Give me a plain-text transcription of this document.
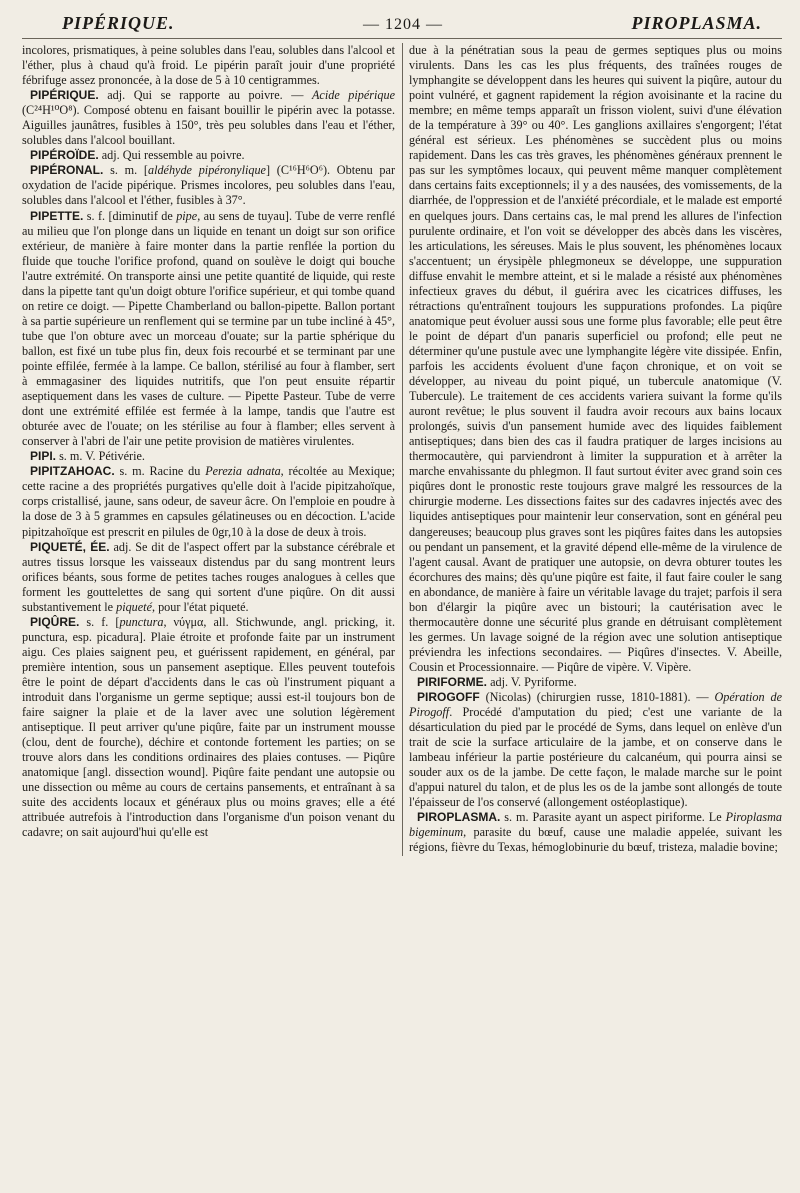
PIPÉRIQUE.	— 1204 —	PIROPLASMA.

incolores, prismatiques, à peine solubles dans l'eau, solubles dans l'alcool et l'éther, plus à chaud qu'à froid. Le pipérin paraît jouir d'une propriété fébrifuge assez prononcée, à la dose de 5 à 10 centigrammes.

PIPÉRIQUE. adj. Qui se rapporte au poivre. — Acide pipérique (C²⁴H¹⁰O⁸). Composé obtenu en faisant bouillir le pipérin avec la potasse. Aiguilles jaunâtres, fusibles à 150°, très peu solubles dans l'eau et l'éther, solubles dans l'alcool bouillant.

PIPÉROÏDE. adj. Qui ressemble au poivre.

PIPÉRONAL. s. m. [aldéhyde pipéronylique] (C¹⁶H⁶O⁶). Obtenu par oxydation de l'acide pipérique. Prismes incolores, peu solubles dans l'eau, solubles dans l'alcool et l'éther, fusibles à 37°.

PIPETTE. s. f. [diminutif de pipe, au sens de tuyau]. Tube de verre renflé au milieu que l'on plonge dans un liquide en tenant un doigt sur son orifice extérieur, de manière à faire monter dans la partie renflée la portion du fluide que touche l'orifice profond, quand on soulève le doigt qui bouche l'autre extrémité. On transporte ainsi une petite quantité de liquide, qui reste dans la pipette tant qu'un doigt obture l'orifice supérieur, et qui tombe quand on retire ce doigt. — Pipette Chamberland ou ballon-pipette. Ballon portant à sa partie supérieure un renflement qui se termine par un tube incliné à 45°, tube que l'on obture avec un morceau d'ouate; sur la partie sphérique du ballon, est fixé un tube plus fin, deux fois recourbé et se terminant par une pointe effilée, fermée à la lampe. Ce ballon, stérilisé au four à flamber, sert à emmagasiner des liquides nutritifs, que l'on peut ensuite répartir aseptiquement dans les vases de culture. — Pipette Pasteur. Tube de verre dont une extrémité effilée est fermée à la lampe, tandis que l'autre est obturée avec de l'ouate; on les stérilise au four à flamber; elles servent à conserver à l'abri de l'air une petite provision de matières virulentes.

PIPI. s. m. V. Pétivérie.

PIPITZAHOAC. s. m. Racine du Perezia adnata, récoltée au Mexique; cette racine a des propriétés purgatives qu'elle doit à l'acide pipitzahoïque, corps cristallisé, jaune, sans odeur, de saveur âcre. On l'emploie en poudre à la dose de 3 à 5 grammes en capsules gélatineuses ou en décoction. L'acide pipitzahoïque est prescrit en pilules de 0gr,10 à la dose de deux à trois.

PIQUETÉ, ÉE. adj. Se dit de l'aspect offert par la substance cérébrale et autres tissus lorsque les vaisseaux distendus par du sang montrent leurs orifices béants, sous forme de petites taches rouges analogues à celles que forment les gouttelettes de sang qui sortent d'une piqûre. On dit aussi substantivement le piqueté, pour l'état piqueté.

PIQÛRE. s. f. [punctura, νύγμα, all. Stichwunde, angl. pricking, it. punctura, esp. picadura]. Plaie étroite et profonde faite par un instrument aigu. Ces plaies saignent peu, et guérissent rapidement, en général, par première intention, sous un pansement aseptique. Elles peuvent toutefois être le point de départ d'accidents dans le cas où l'instrument piquant a introduit dans l'organisme un germe septique; aussi est-il toujours bon de faire saigner la plaie et de la laver avec une solution légèrement antiseptique. Il peut arriver qu'une piqûre, faite par un instrument mousse (clou, dent de fourche), déchire et contonde fortement les parties; on se trouve alors dans les conditions ordinaires des plaies contuses. — Piqûre anatomique [angl. dissection wound]. Piqûre faite pendant une autopsie ou une dissection ou même au cours de certains pansements, et entraînant à sa suite des accidents locaux et généraux plus ou moins graves; elle a été attribuée autrefois à l'introduction dans l'organisme d'un poison venant du cadavre; on sait aujourd'hui qu'elle est

due à la pénétratian sous la peau de germes septiques plus ou moins virulents. Dans les cas les plus fréquents, des traînées rouges de lymphangite se développent dans les heures qui suivent la piqûre, autour du point vulnéré, et gagnent rapidement la région avoisinante et la racine du membre; en même temps apparaît un frisson violent, suivi d'une élévation de la température à 39° ou 40°. Les ganglions axillaires s'engorgent; l'état général est sérieux. Les phénomènes se succèdent plus ou moins rapidement. Dans les cas très graves, les phénomènes généraux prennent le pas sur les symptômes locaux, qui peuvent même manquer complètement dans certains faits exceptionnels; il y a des nausées, des vomissements, de la diarrhée, de l'oppression et de l'anxiété précordiale, et le malade est emporté en quelques jours. Dans certains cas, le mal prend les allures de l'infection purulente ordinaire, et l'on voit se développer des abcès dans les viscères, les articulations, les séreuses. Mais le plus souvent, les phénomènes locaux s'accentuent; un érysipèle phlegmoneux se développe, une suppuration diffuse envahit le membre atteint, et si le malade a résisté aux phénomènes infectieux graves du début, il guérira avec les cicatrices diffuses, les rétractions qu'entraînent toujours les suppurations profondes. La piqûre anatomique peut évoluer aussi sous une forme plus favorable; elle peut être le point de départ d'un panaris superficiel ou profond; elle peut ne déterminer qu'une pustule avec une lymphangite légère vite dissipée. Enfin, parfois les accidents évoluent d'une façon chronique, et on voit se développer, au niveau du point piqué, un tubercule anatomique (V. Tubercule). Le traitement de ces accidents variera suivant la forme qu'ils auront revêtue; le plus souvent il faudra avoir recours aux bains locaux prolongés, suivis d'un pansement humide avec des liquides faiblement antiseptiques; dans bien des cas il faudra pratiquer de larges incisions au thermocautère, qui parviendront à limiter la suppuration et à arrêter la marche envahissante du phlegmon. Il faut surtout éviter avec grand soin ces piqûres dont le pronostic reste toujours grave malgré les ressources de la chirurgie moderne. Les dissections faites sur des cadavres injectés avec des liquides antiseptiques pour maintenir leur conservation, sont en général peu dangereuses; beaucoup plus graves sont les piqûres faites dans les autopsies ou pendant un pansement, et la gravité dépend elle-même de la virulence de l'agent causal. Avant de pratiquer une autopsie, on devra obturer toutes les écorchures des mains; dès qu'une piqûre est faite, il faut faire couler le sang en abondance, de manière à faire un véritable lavage du trajet; parfois il sera bon d'élargir la piqûre avec un bistouri; la cautérisation avec le thermocautère donne une sécurité plus grande en détruisant complètement les germes. Un lavage soigné de la région avec une solution antiseptique préviendra les infections secondaires. — Piqûres d'insectes. V. Abeille, Cousin et Processionnaire. — Piqûre de vipère. V. Vipère.

PIRIFORME. adj. V. Pyriforme.

PIROGOFF (Nicolas) (chirurgien russe, 1810-1881). — Opération de Pirogoff. Procédé d'amputation du pied; c'est une variante de la désarticulation du pied par le procédé de Syms, dans lequel on enlève d'un trait de scie la surface articulaire de la jambe, et on conserve dans le lambeau inférieur la partie postérieure du calcanéum, qui pourra ainsi se souder aux os de la jambe. De cette façon, le malade marche sur le point d'appui naturel du talon, et de plus les os de la jambe sont allongés de toute l'épaisseur de l'os conservé (allongement ostéoplastique).

PIROPLASMA. s. m. Parasite ayant un aspect piriforme. Le Piroplasma bigeminum, parasite du bœuf, cause une maladie appelée, suivant les régions, fièvre du Texas, hémoglobinurie du bœuf, tristeza, maladie bovine;
